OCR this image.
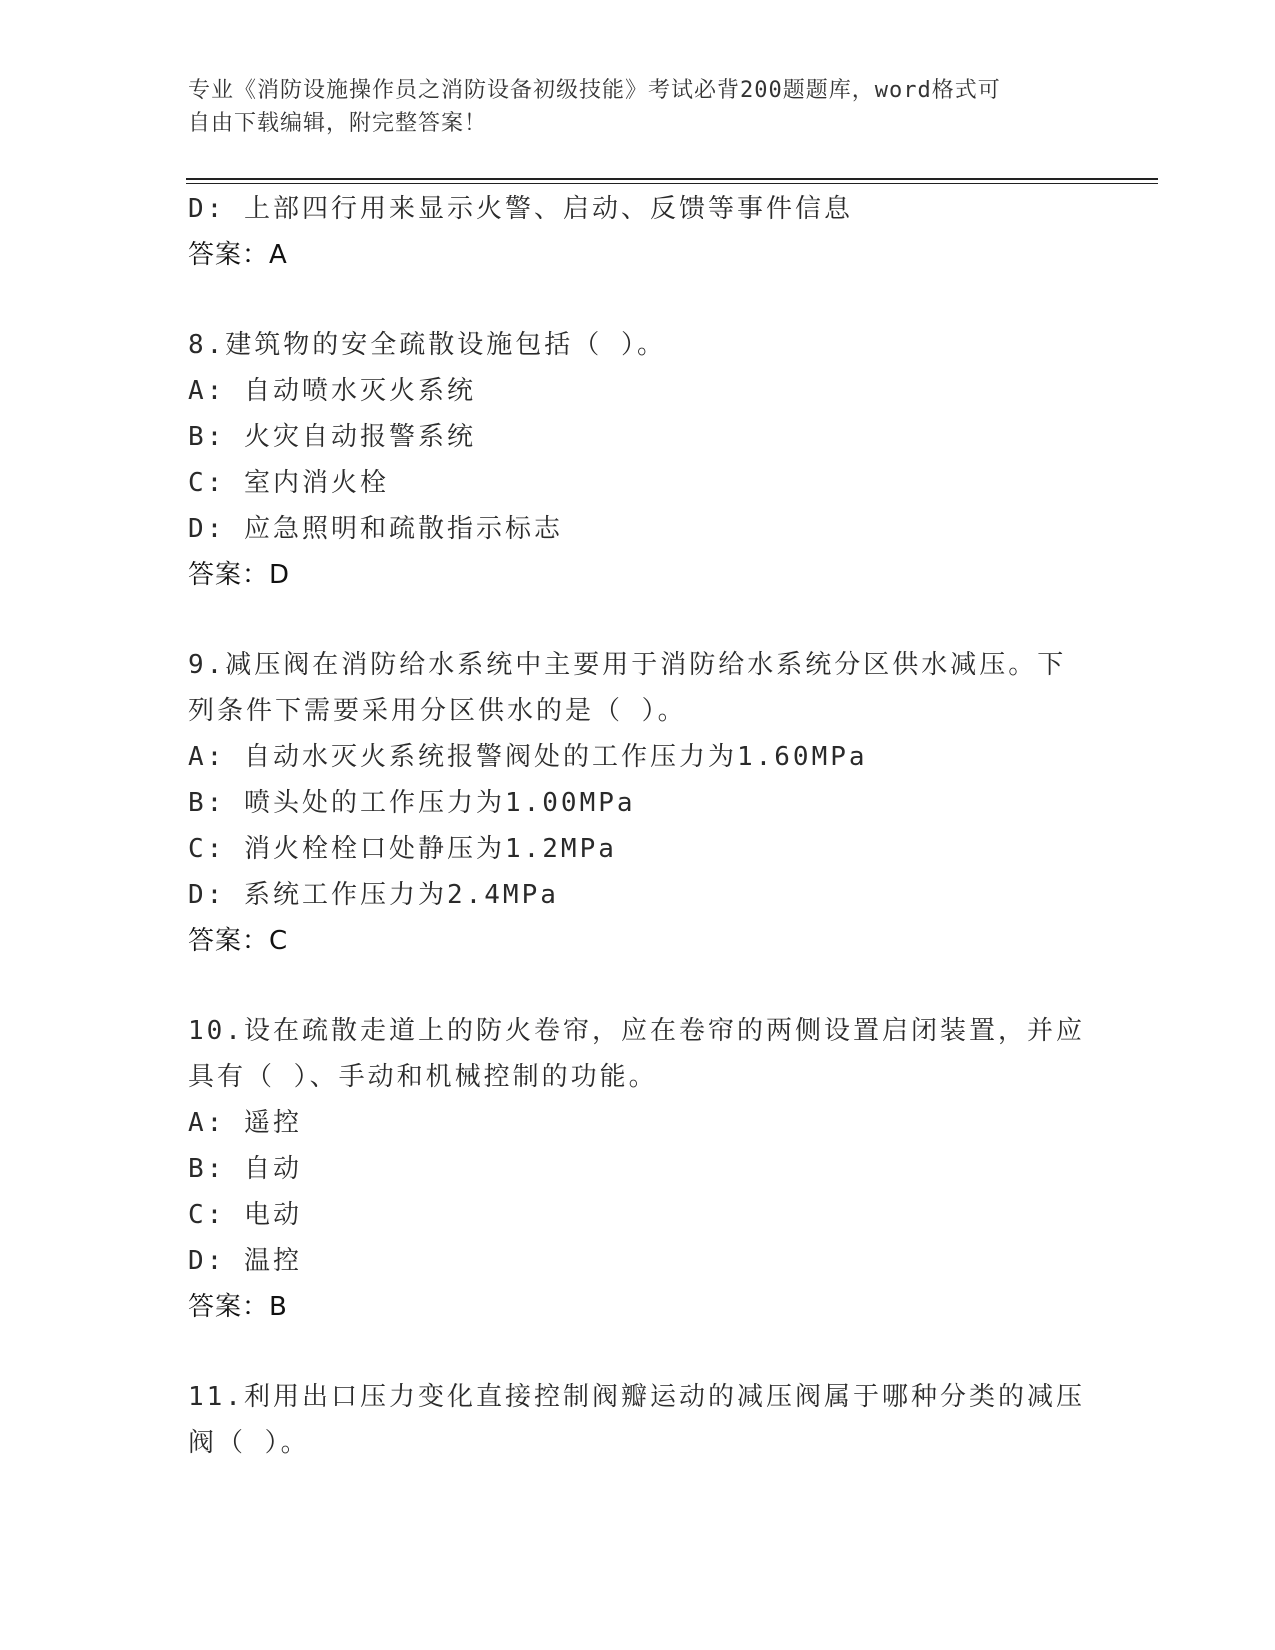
专业《消防设施操作员之消防设备初级技能》考试必背200题题库，word格式可
自由下载编辑，附完整答案！
D: 上部四行用来显示火警、启动、反馈等事件信息
答案：A
8.建筑物的安全疏散设施包括（ ）。
A: 自动喷水灭火系统
B: 火灾自动报警系统
C: 室内消火栓
D: 应急照明和疏散指示标志
答案：D
9.减压阀在消防给水系统中主要用于消防给水系统分区供水减压。下
列条件下需要采用分区供水的是（ ）。
A: 自动水灭火系统报警阀处的工作压力为1.60MPa
B: 喷头处的工作压力为1.00MPa
C: 消火栓栓口处静压为1.2MPa
D: 系统工作压力为2.4MPa
答案：C
10.设在疏散走道上的防火卷帘，应在卷帘的两侧设置启闭装置，并应
具有（ ）、手动和机械控制的功能。
A: 遥控
B: 自动
C: 电动
D: 温控
答案：B
11.利用出口压力变化直接控制阀瓣运动的减压阀属于哪种分类的减压
阀（ ）。
